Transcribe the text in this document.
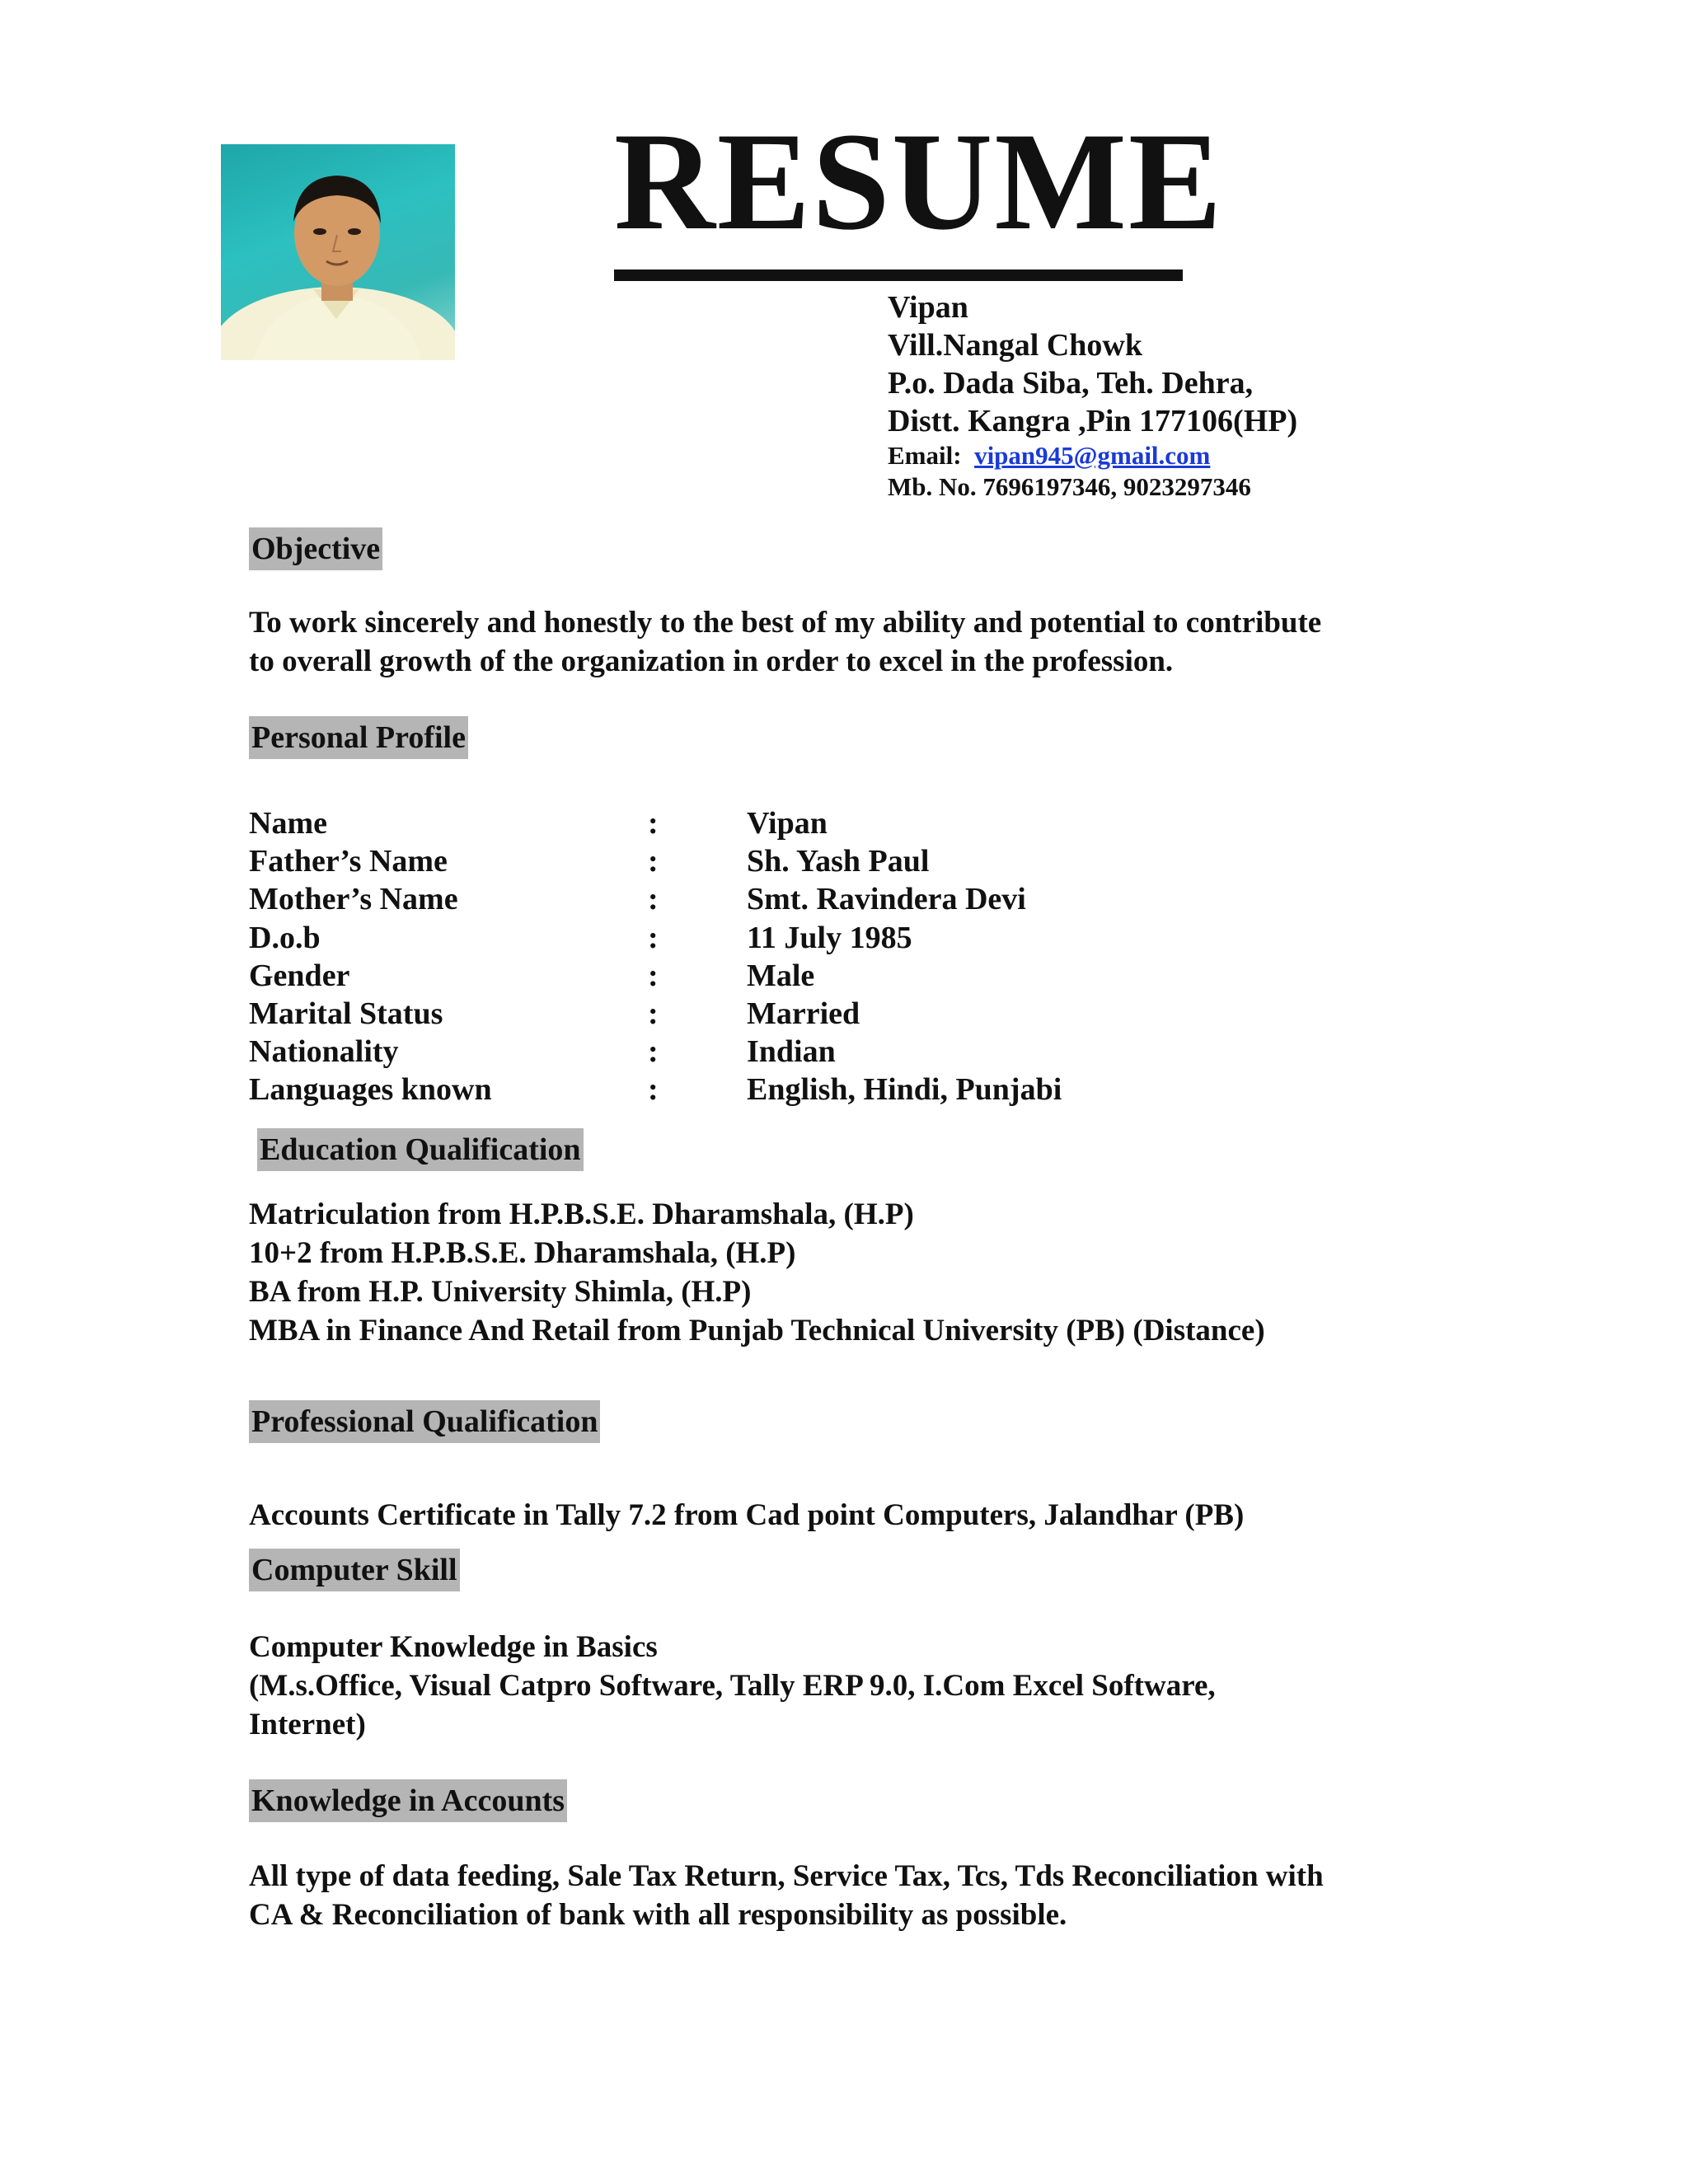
RESUME
Vipan
Vill.Nangal Chowk
P.o. Dada Siba, Teh. Dehra,
Distt. Kangra ,Pin 177106(HP)
Email: vipan945@gmail.com
Mb. No. 7696197346, 9023297346
Objective
To work sincerely and honestly to the best of my ability and potential to contribute
to overall growth of the organization in order to excel in the profession.
Personal Profile
Name	:	Vipan
Father’s Name	:	Sh. Yash Paul
Mother’s Name	:	Smt. Ravindera Devi
D.o.b	:	11 July 1985
Gender	:	Male
Marital Status	:	Married
Nationality	:	Indian
Languages known	:	English, Hindi, Punjabi
Education Qualification
Matriculation from H.P.B.S.E. Dharamshala, (H.P)
10+2 from H.P.B.S.E. Dharamshala, (H.P)
BA from H.P. University Shimla, (H.P)
MBA in Finance And Retail from Punjab Technical University (PB) (Distance)
Professional Qualification
Accounts Certificate in Tally 7.2 from Cad point Computers, Jalandhar (PB)
Computer Skill
Computer Knowledge in Basics
(M.s.Office, Visual Catpro Software, Tally ERP 9.0, I.Com Excel Software,
Internet)
Knowledge in Accounts
All type of data feeding, Sale Tax Return, Service Tax, Tcs, Tds Reconciliation with
CA & Reconciliation of bank with all responsibility as possible.
